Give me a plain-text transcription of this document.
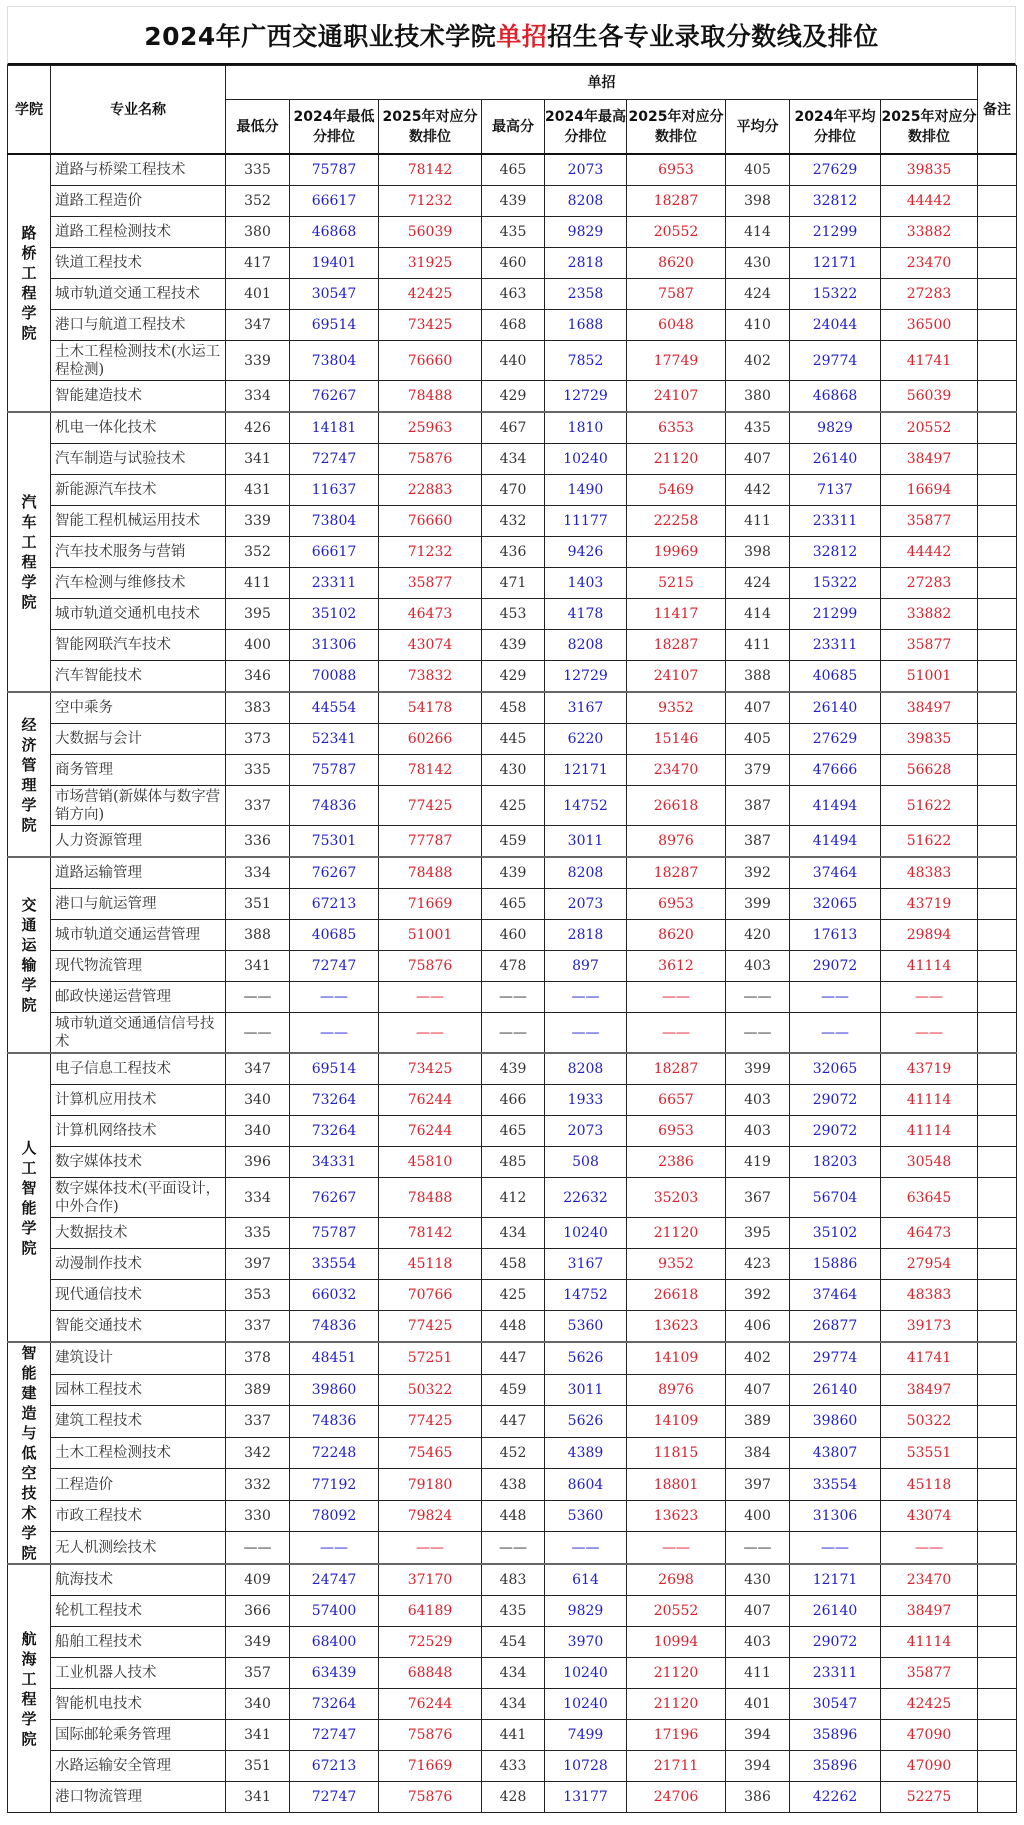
2024年广西交通职业技术学院 单招 招生各专业录取分数线及排位
学院	专业名称	单招									备注
		最低分	2024年最低分排位	2025年对应分数排位	最高分	2024年最高分排位	2025年对应分数排位	平均分	2024年平均分排位	2025年对应分数排位	
路桥工程学院	道路与桥梁工程技术	335	75787	78142	465	2073	6953	405	27629	39835	
	道路工程造价	352	66617	71232	439	8208	18287	398	32812	44442	
	道路工程检测技术	380	46868	56039	435	9829	20552	414	21299	33882	
	铁道工程技术	417	19401	31925	460	2818	8620	430	12171	23470	
	城市轨道交通工程技术	401	30547	42425	463	2358	7587	424	15322	27283	
	港口与航道工程技术	347	69514	73425	468	1688	6048	410	24044	36500	
	土木工程检测技术(水运工程检测)	339	73804	76660	440	7852	17749	402	29774	41741	
	智能建造技术	334	76267	78488	429	12729	24107	380	46868	56039	
汽车工程学院	机电一体化技术	426	14181	25963	467	1810	6353	435	9829	20552	
	汽车制造与试验技术	341	72747	75876	434	10240	21120	407	26140	38497	
	新能源汽车技术	431	11637	22883	470	1490	5469	442	7137	16694	
	智能工程机械运用技术	339	73804	76660	432	11177	22258	411	23311	35877	
	汽车技术服务与营销	352	66617	71232	436	9426	19969	398	32812	44442	
	汽车检测与维修技术	411	23311	35877	471	1403	5215	424	15322	27283	
	城市轨道交通机电技术	395	35102	46473	453	4178	11417	414	21299	33882	
	智能网联汽车技术	400	31306	43074	439	8208	18287	411	23311	35877	
	汽车智能技术	346	70088	73832	429	12729	24107	388	40685	51001	
经济管理学院	空中乘务	383	44554	54178	458	3167	9352	407	26140	38497	
	大数据与会计	373	52341	60266	445	6220	15146	405	27629	39835	
	商务管理	335	75787	78142	430	12171	23470	379	47666	56628	
	市场营销(新媒体与数字营销方向)	337	74836	77425	425	14752	26618	387	41494	51622	
	人力资源管理	336	75301	77787	459	3011	8976	387	41494	51622	
交通运输学院	道路运输管理	334	76267	78488	439	8208	18287	392	37464	48383	
	港口与航运管理	351	67213	71669	465	2073	6953	399	32065	43719	
	城市轨道交通运营管理	388	40685	51001	460	2818	8620	420	17613	29894	
	现代物流管理	341	72747	75876	478	897	3612	403	29072	41114	
	邮政快递运营管理	——	——	——	——	——	——	——	——	——	
	城市轨道交通通信信号技术	——	——	——	——	——	——	——	——	——	
人工智能学院	电子信息工程技术	347	69514	73425	439	8208	18287	399	32065	43719	
	计算机应用技术	340	73264	76244	466	1933	6657	403	29072	41114	
	计算机网络技术	340	73264	76244	465	2073	6953	403	29072	41114	
	数字媒体技术	396	34331	45810	485	508	2386	419	18203	30548	
	数字媒体技术(平面设计，中外合作)	334	76267	78488	412	22632	35203	367	56704	63645	
	大数据技术	335	75787	78142	434	10240	21120	395	35102	46473	
	动漫制作技术	397	33554	45118	458	3167	9352	423	15886	27954	
	现代通信技术	353	66032	70766	425	14752	26618	392	37464	48383	
	智能交通技术	337	74836	77425	448	5360	13623	406	26877	39173	
智能建造与低空技术学院	建筑设计	378	48451	57251	447	5626	14109	402	29774	41741	
	园林工程技术	389	39860	50322	459	3011	8976	407	26140	38497	
	建筑工程技术	337	74836	77425	447	5626	14109	389	39860	50322	
	土木工程检测技术	342	72248	75465	452	4389	11815	384	43807	53551	
	工程造价	332	77192	79180	438	8604	18801	397	33554	45118	
	市政工程技术	330	78092	79824	448	5360	13623	400	31306	43074	
	无人机测绘技术	——	——	——	——	——	——	——	——	——	
航海工程学院	航海技术	409	24747	37170	483	614	2698	430	12171	23470	
	轮机工程技术	366	57400	64189	435	9829	20552	407	26140	38497	
	船舶工程技术	349	68400	72529	454	3970	10994	403	29072	41114	
	工业机器人技术	357	63439	68848	434	10240	21120	411	23311	35877	
	智能机电技术	340	73264	76244	434	10240	21120	401	30547	42425	
	国际邮轮乘务管理	341	72747	75876	441	7499	17196	394	35896	47090	
	水路运输安全管理	351	67213	71669	433	10728	21711	394	35896	47090	
	港口物流管理	341	72747	75876	428	13177	24706	386	42262	52275	
